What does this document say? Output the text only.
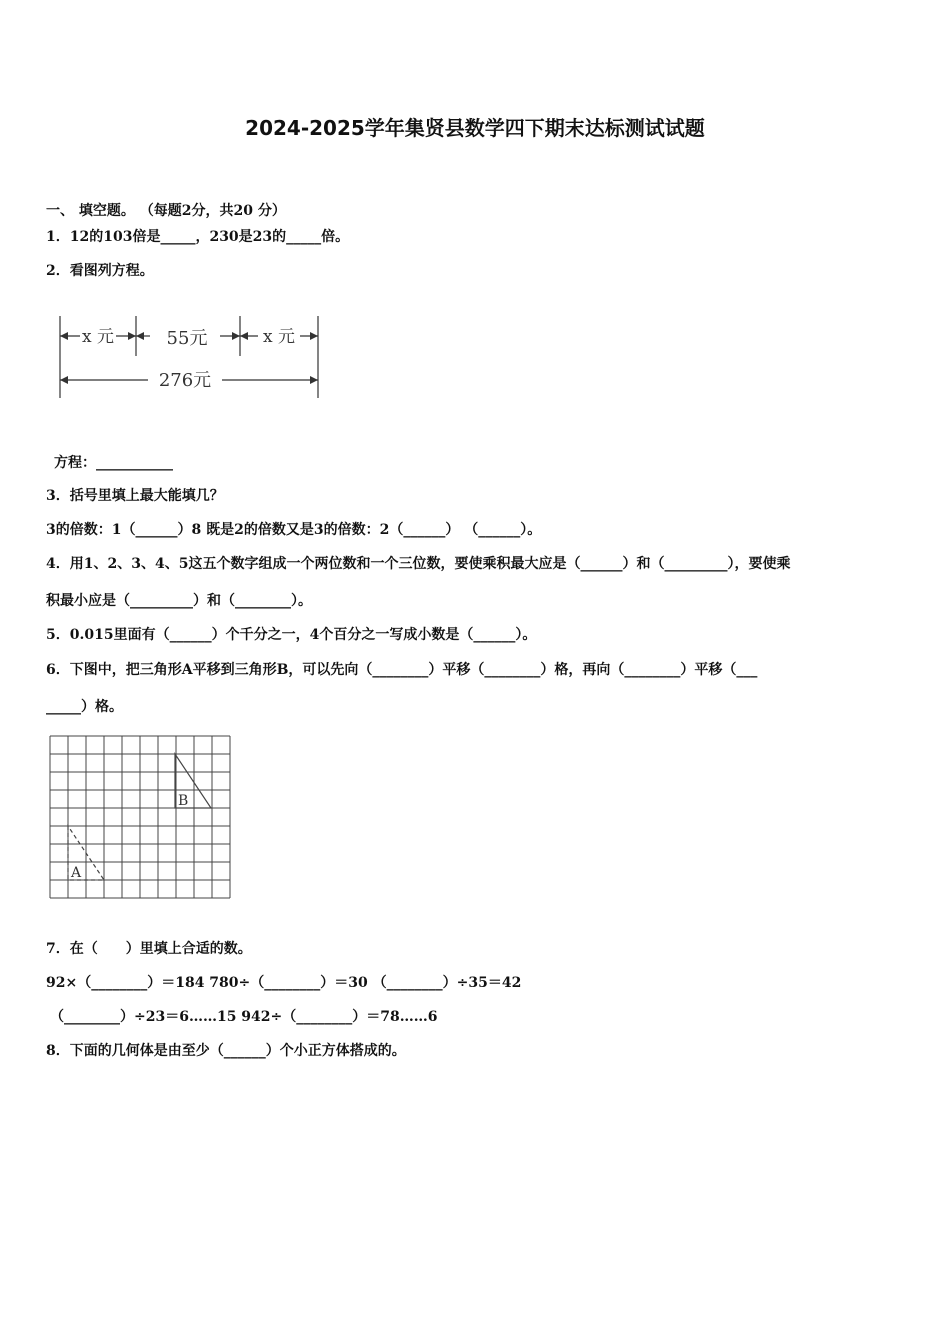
2024-2025学年集贤县数学四下期末达标测试试题
一、 填空题。 （每题2分，共20 分）
1．12的103倍是_____，230是23的_____倍。
2．看图列方程。
x 元	55元	x 元
276元
方程：___________
3．括号里填上最大能填几？
3的倍数：1（______）8 既是2的倍数又是3的倍数：2（______） （______）。
4．用1、2、3、4、5这五个数字组成一个两位数和一个三位数，要使乘积最大应是（______）和（_________），要使乘
积最小应是（_________）和（________）。
5．0.015里面有（______）个千分之一，4个百分之一写成小数是（______）。
6．下图中，把三角形A平移到三角形B，可以先向（________）平移（________）格，再向（________）平移（___
_____）格。
B
A
7．在（　　）里填上合适的数。
92×（________）＝184 780÷（________）＝30 （________）÷35＝42
（________）÷23＝6……15 942÷（________）＝78……6
8．下面的几何体是由至少（______）个小正方体搭成的。
